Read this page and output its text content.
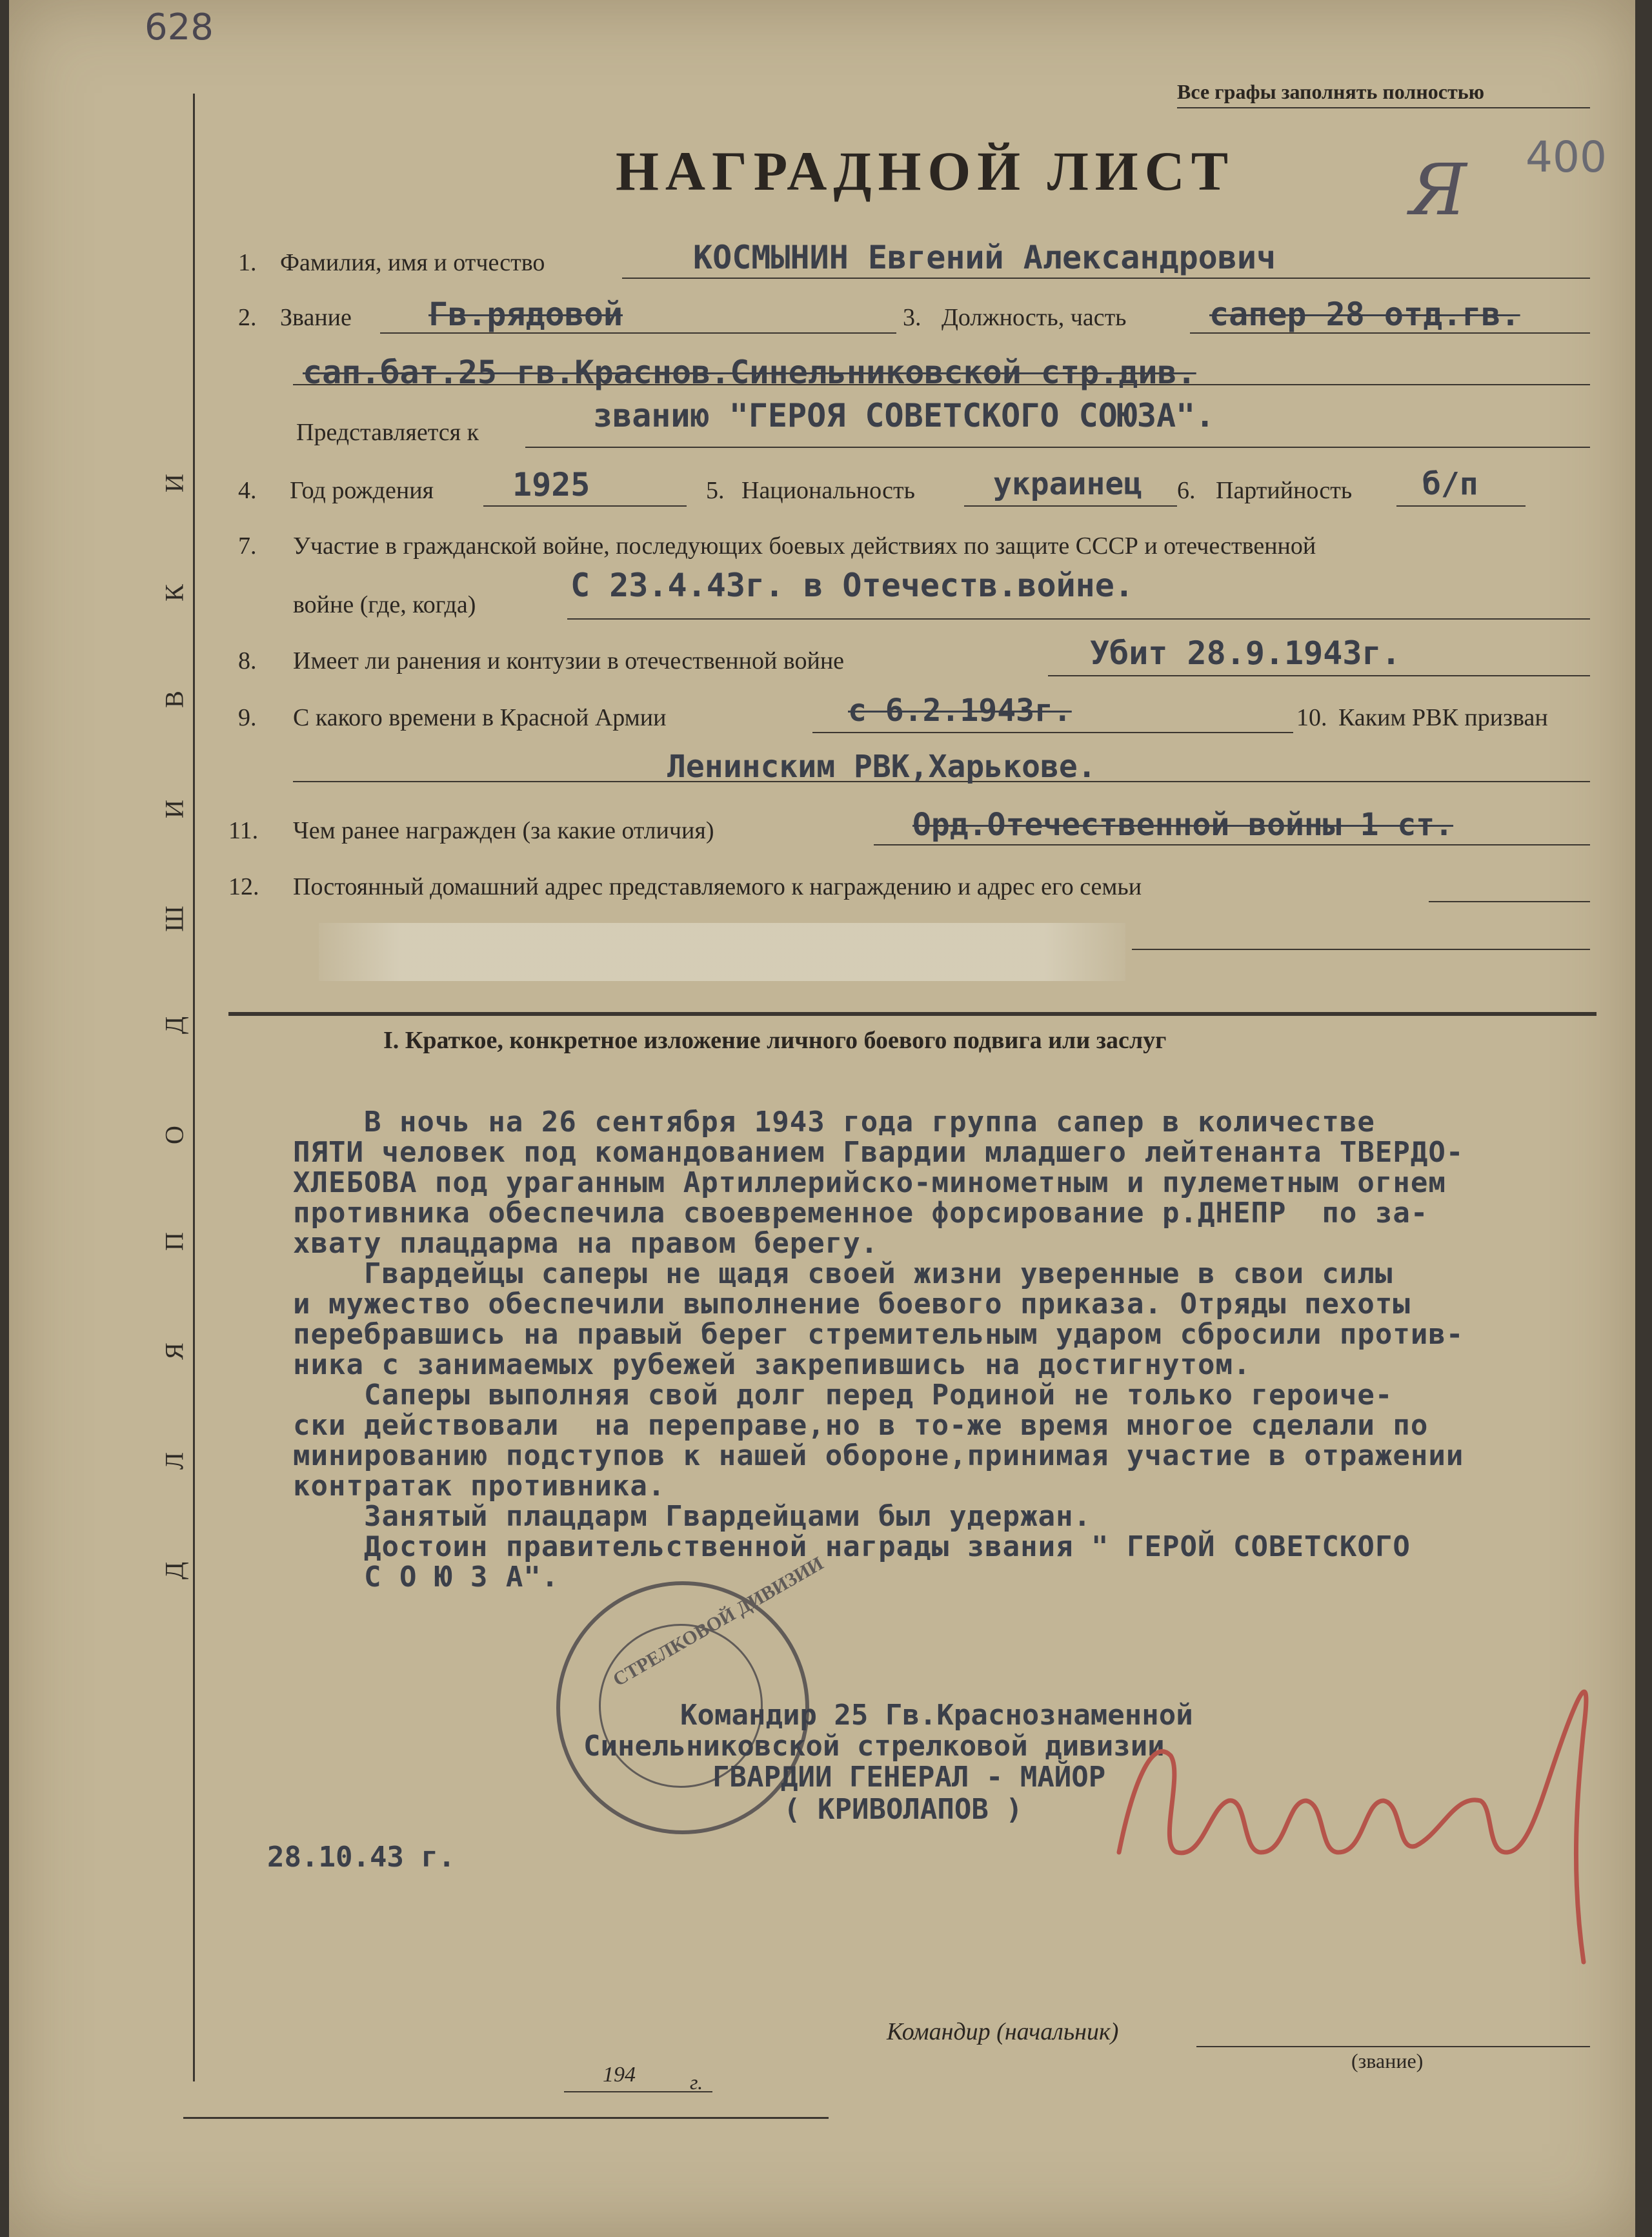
628
Все графы заполнять полностью
НАГРАДНОЙ ЛИСТ Я 400
Д
Л
Я
П
О
Д
Ш
И
В
К
И
1. Фамилия, имя и отчество	КОСМЫНИН Евгений Александрович
2. Звание Гв.рядовой	3. Должность, часть	сапер 28 отд.гв.
сап.бат.25 гв.Краснов.Синельниковской стр.див.
Представляется к	званию "ГЕРОЯ СОВЕТСКОГО СОЮЗА".
4. Год рождения 1925	5. Национальность	украинец 6. Партийность б/п
7. Участие в гражданской войне, последующих боевых действиях по защите СССР и отечественной
войне (где, когда)
С 23.4.43г. в Отечеств.войне.
8. Имеет ли ранения и контузии в отечественной войне	Убит 28.9.1943г.
9. С какого времени в Красной Армии	с 6.2.1943г.	10. Каким РВК призван
Ленинским РВК,Харькове.
11. Чем ранее награжден (за какие отличия)	Орд.Отечественной войны 1 ст.
12. Постоянный домашний адрес представляемого к награждению и адрес его семьи
I. Краткое, конкретное изложение личного боевого подвига или заслуг
В ночь на 26 сентября 1943 года группа сапер в количестве
ПЯТИ человек под командованием Гвардии младшего лейтенанта ТВЕРДО-
ХЛЕБОВА под ураганным Артиллерийско-минометным и пулеметным огнем
противника обеспечила своевременное форсирование р.ДНЕПР  по за-
хвату плацдарма на правом берегу.
Гвардейцы саперы не щадя своей жизни уверенные в свои силы
и мужество обеспечили выполнение боевого приказа. Отряды пехоты
перебравшись на правый берег стремительным ударом сбросили против-
ника с занимаемых рубежей закрепившись на достигнутом.
Саперы выполняя свой долг перед Родиной не только героиче-
ски действовали  на переправе,но в то-же время многое сделали по
минированию подступов к нашей обороне,принимая участие в отражении
контратак противника.
Занятый плацдарм Гвардейцами был удержан.
Достоин правительственной награды звания " ГЕРОЙ СОВЕТСКОГО
С О Ю З А".	СТРЕЛКОВОЙ ДИВИЗИИ
Командир 25 Гв.Краснознаменной
Синельниковской стрелковой дивизии
ГВАРДИИ ГЕНЕРАЛ - МАЙОР
( КРИВОЛАПОВ )
28.10.43 г.
Командир (начальник)
(звание)
194	г.
